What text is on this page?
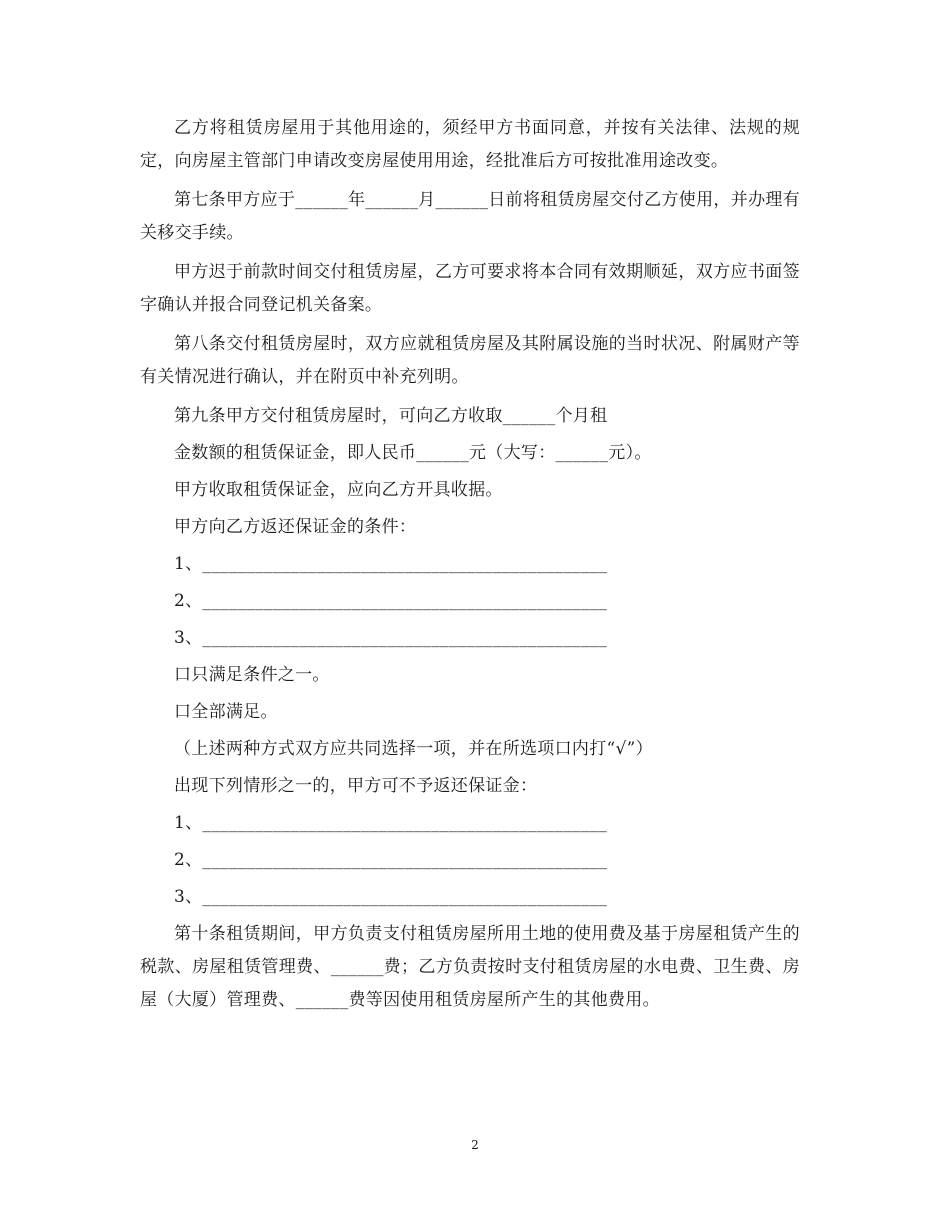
乙方将租赁房屋用于其他用途的，须经甲方书面同意，并按有关法律、法规的规定，向房屋主管部门申请改变房屋使用用途，经批准后方可按批准用途改变。

第七条甲方应于______年______月______日前将租赁房屋交付乙方使用，并办理有关移交手续。

甲方迟于前款时间交付租赁房屋，乙方可要求将本合同有效期顺延，双方应书面签字确认并报合同登记机关备案。

第八条交付租赁房屋时，双方应就租赁房屋及其附属设施的当时状况、附属财产等有关情况进行确认，并在附页中补充列明。

第九条甲方交付租赁房屋时，可向乙方收取______个月租

金数额的租赁保证金，即人民币______元（大写：______元）。

甲方收取租赁保证金，应向乙方开具收据。

甲方向乙方返还保证金的条件：

1、______________________________________________

2、______________________________________________

3、______________________________________________

口只满足条件之一。

口全部满足。

（上述两种方式双方应共同选择一项，并在所选项口内打“√”）

出现下列情形之一的，甲方可不予返还保证金：

1、______________________________________________

2、______________________________________________

3、______________________________________________

第十条租赁期间，甲方负责支付租赁房屋所用土地的使用费及基于房屋租赁产生的税款、房屋租赁管理费、______费；乙方负责按时支付租赁房屋的水电费、卫生费、房屋（大厦）管理费、______费等因使用租赁房屋所产生的其他费用。

2
